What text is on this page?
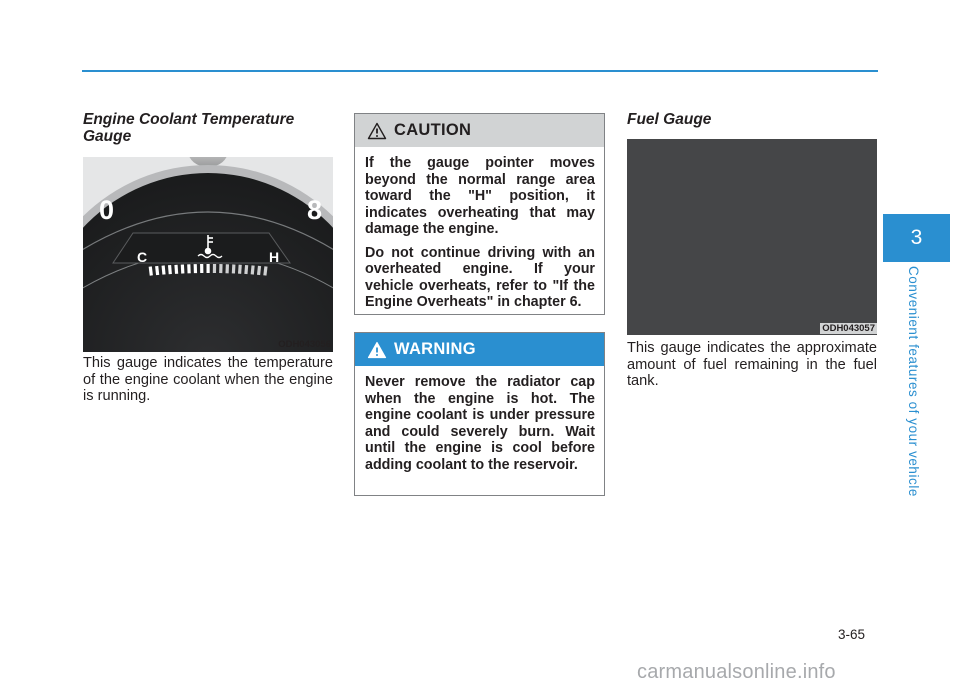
Engine Coolant Temperature Gauge
0	8
C	H
ODH043056

This gauge indicates the temperature of the engine coolant when the engine is running.

CAUTION

If the gauge pointer moves beyond the normal range area toward the "H" position, it indicates overheating that may damage the engine.

Do not continue driving with an overheated engine. If your vehicle overheats, refer to "If the Engine Overheats" in chapter 6.

WARNING

Never remove the radiator cap when the engine is hot. The engine coolant is under pressure and could severely burn. Wait until the engine is cool before adding coolant to the reservoir.

Fuel Gauge
ODH043057

This gauge indicates the approximate amount of fuel remaining in the fuel tank.

3
Convenient features of your vehicle
3-65
carmanualsonline.info
